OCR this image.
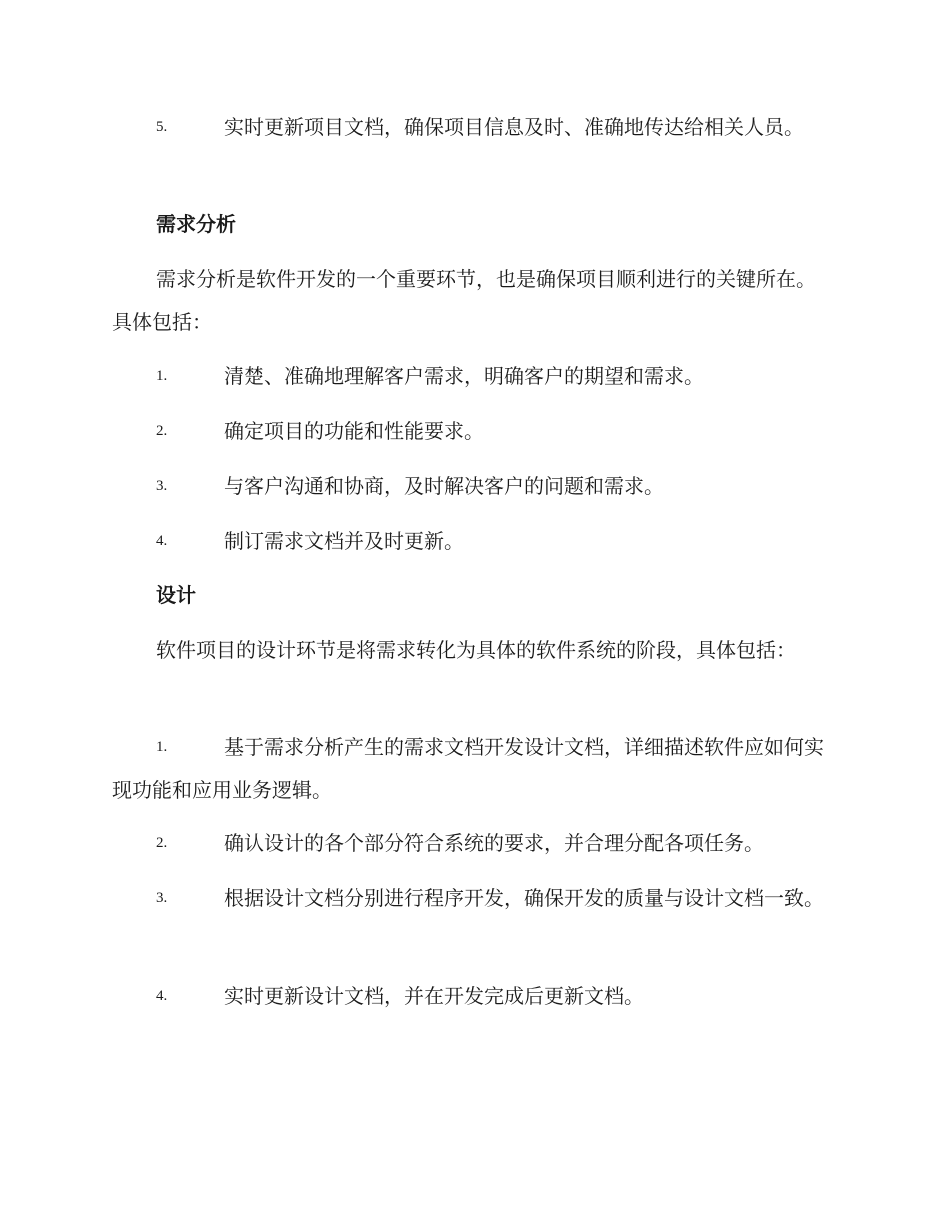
5.	实时更新项目文档，确保项目信息及时、准确地传达给相关人员。
需求分析

需求分析是软件开发的一个重要环节，也是确保项目顺利进行的关键所在。具体包括：

1.	清楚、准确地理解客户需求，明确客户的期望和需求。
2.	确定项目的功能和性能要求。
3.	与客户沟通和协商，及时解决客户的问题和需求。
4.	制订需求文档并及时更新。
设计

软件项目的设计环节是将需求转化为具体的软件系统的阶段，具体包括：

1.	基于需求分析产生的需求文档开发设计文档，详细描述软件应如何实现功能和应用业务逻辑。
2.	确认设计的各个部分符合系统的要求，并合理分配各项任务。
3.	根据设计文档分别进行程序开发，确保开发的质量与设计文档一致。
4.	实时更新设计文档，并在开发完成后更新文档。
